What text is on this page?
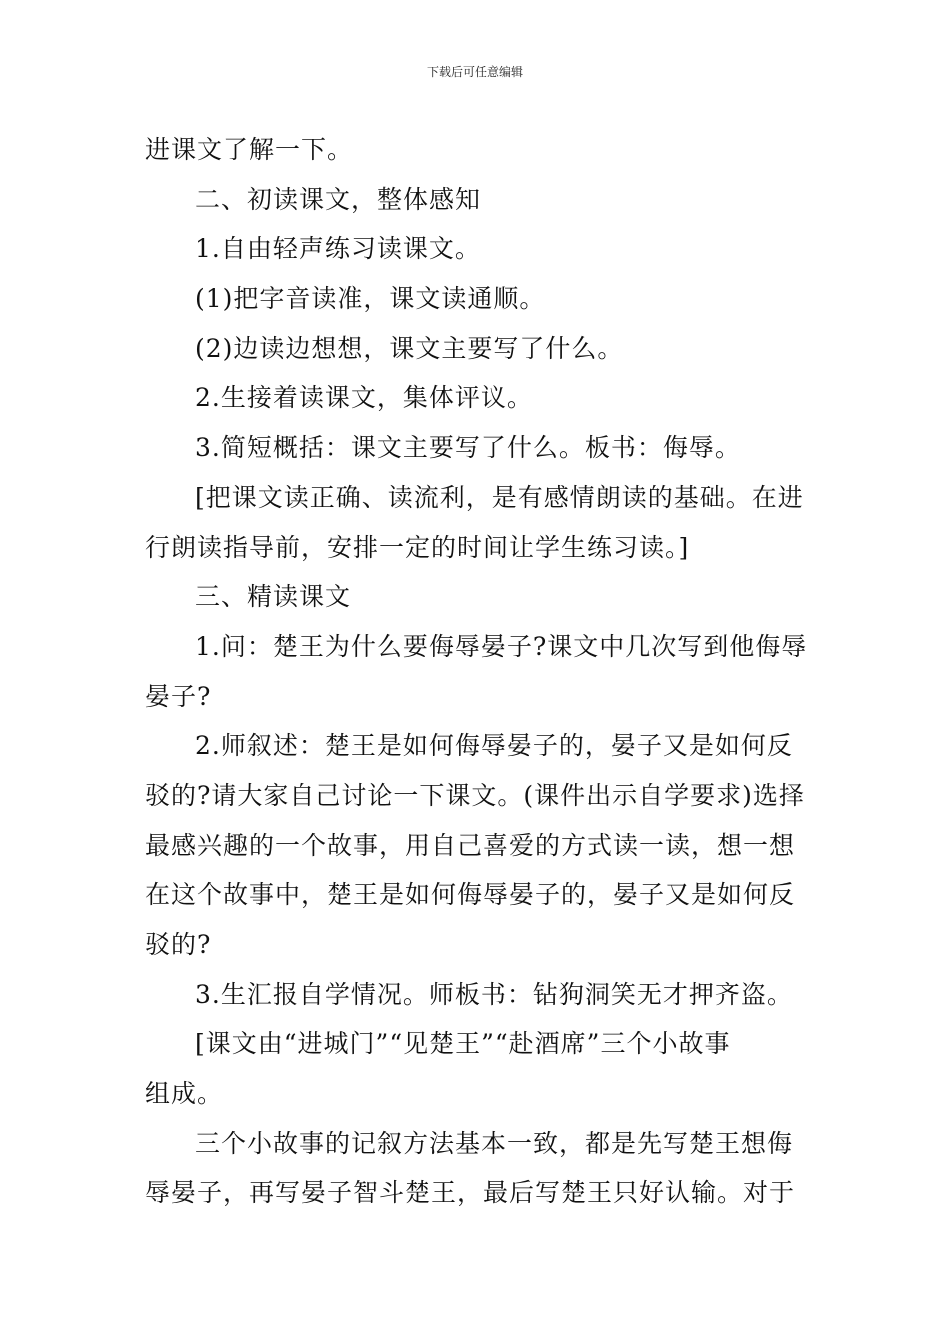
下载后可任意编辑
进课文了解一下。
二、初读课文，整体感知
1.自由轻声练习读课文。
(1)把字音读准，课文读通顺。
(2)边读边想想，课文主要写了什么。
2.生接着读课文，集体评议。
3.简短概括：课文主要写了什么。板书：侮辱。
[把课文读正确、读流利，是有感情朗读的基础。在进
行朗读指导前，安排一定的时间让学生练习读。]
三、精读课文
1.问：楚王为什么要侮辱晏子?课文中几次写到他侮辱
晏子?
2.师叙述：楚王是如何侮辱晏子的，晏子又是如何反
驳的?请大家自己讨论一下课文。(课件出示自学要求)选择
最感兴趣的一个故事，用自己喜爱的方式读一读，想一想
在这个故事中，楚王是如何侮辱晏子的，晏子又是如何反
驳的?
3.生汇报自学情况。师板书：钻狗洞笑无才押齐盗。
[课文由“进城门”“见楚王”“赴酒席”三个小故事
组成。
三个小故事的记叙方法基本一致，都是先写楚王想侮
辱晏子，再写晏子智斗楚王，最后写楚王只好认输。对于
